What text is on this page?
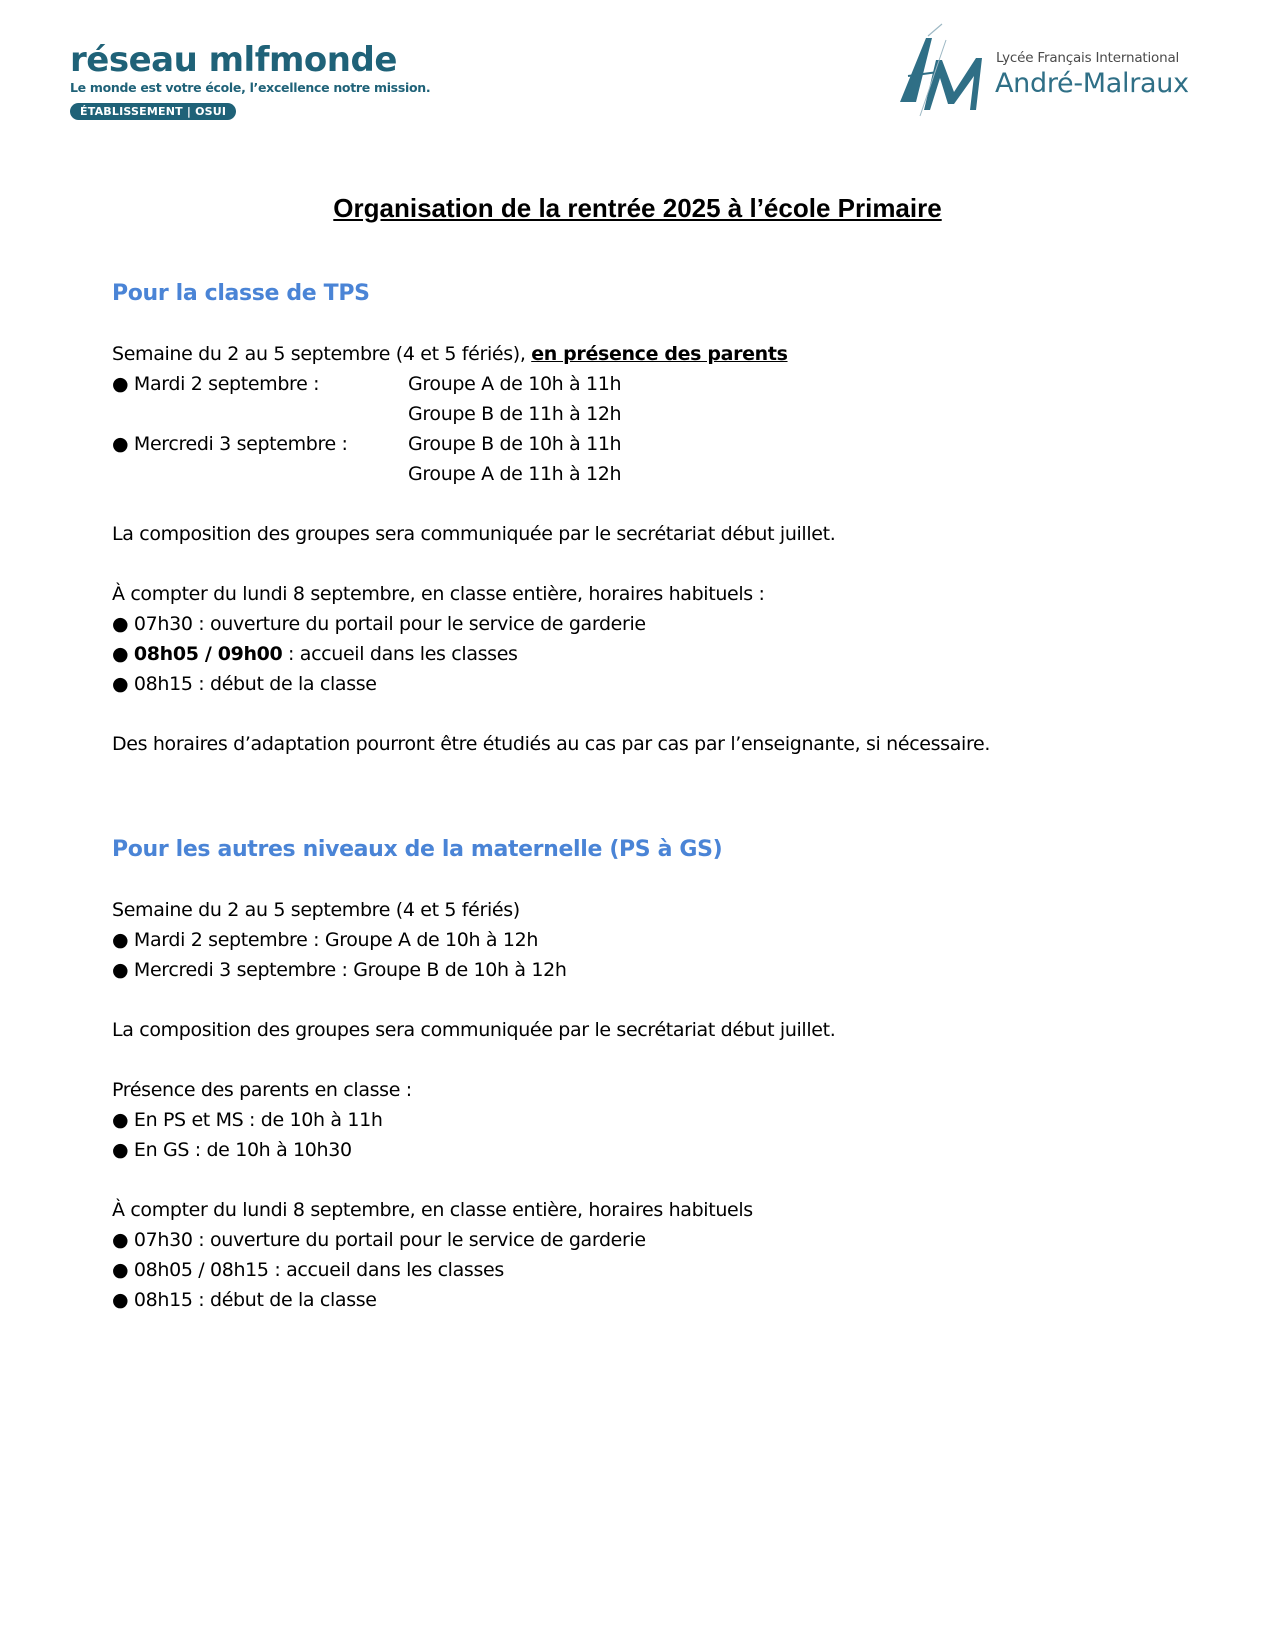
réseau mlfmonde
Le monde est votre école, l’excellence notre mission.
ÉTABLISSEMENT | OSUI
Lycée Français International
André-Malraux
Organisation de la rentrée 2025 à l’école Primaire
Pour la classe de TPS
Semaine du 2 au 5 septembre (4 et 5 fériés), en présence des parents
● Mardi 2 septembre :	Groupe A de 10h à 11h
Groupe B de 11h à 12h
● Mercredi 3 septembre :	Groupe B de 10h à 11h
Groupe A de 11h à 12h
La composition des groupes sera communiquée par le secrétariat début juillet.
À compter du lundi 8 septembre, en classe entière, horaires habituels :
● 07h30 : ouverture du portail pour le service de garderie
● 08h05 / 09h00 : accueil dans les classes
● 08h15 : début de la classe
Des horaires d’adaptation pourront être étudiés au cas par cas par l’enseignante, si nécessaire.
Pour les autres niveaux de la maternelle (PS à GS)
Semaine du 2 au 5 septembre (4 et 5 fériés)
● Mardi 2 septembre : Groupe A de 10h à 12h
● Mercredi 3 septembre : Groupe B de 10h à 12h
La composition des groupes sera communiquée par le secrétariat début juillet.
Présence des parents en classe :
● En PS et MS : de 10h à 11h
● En GS : de 10h à 10h30
À compter du lundi 8 septembre, en classe entière, horaires habituels
● 07h30 : ouverture du portail pour le service de garderie
● 08h05 / 08h15 : accueil dans les classes
● 08h15 : début de la classe
